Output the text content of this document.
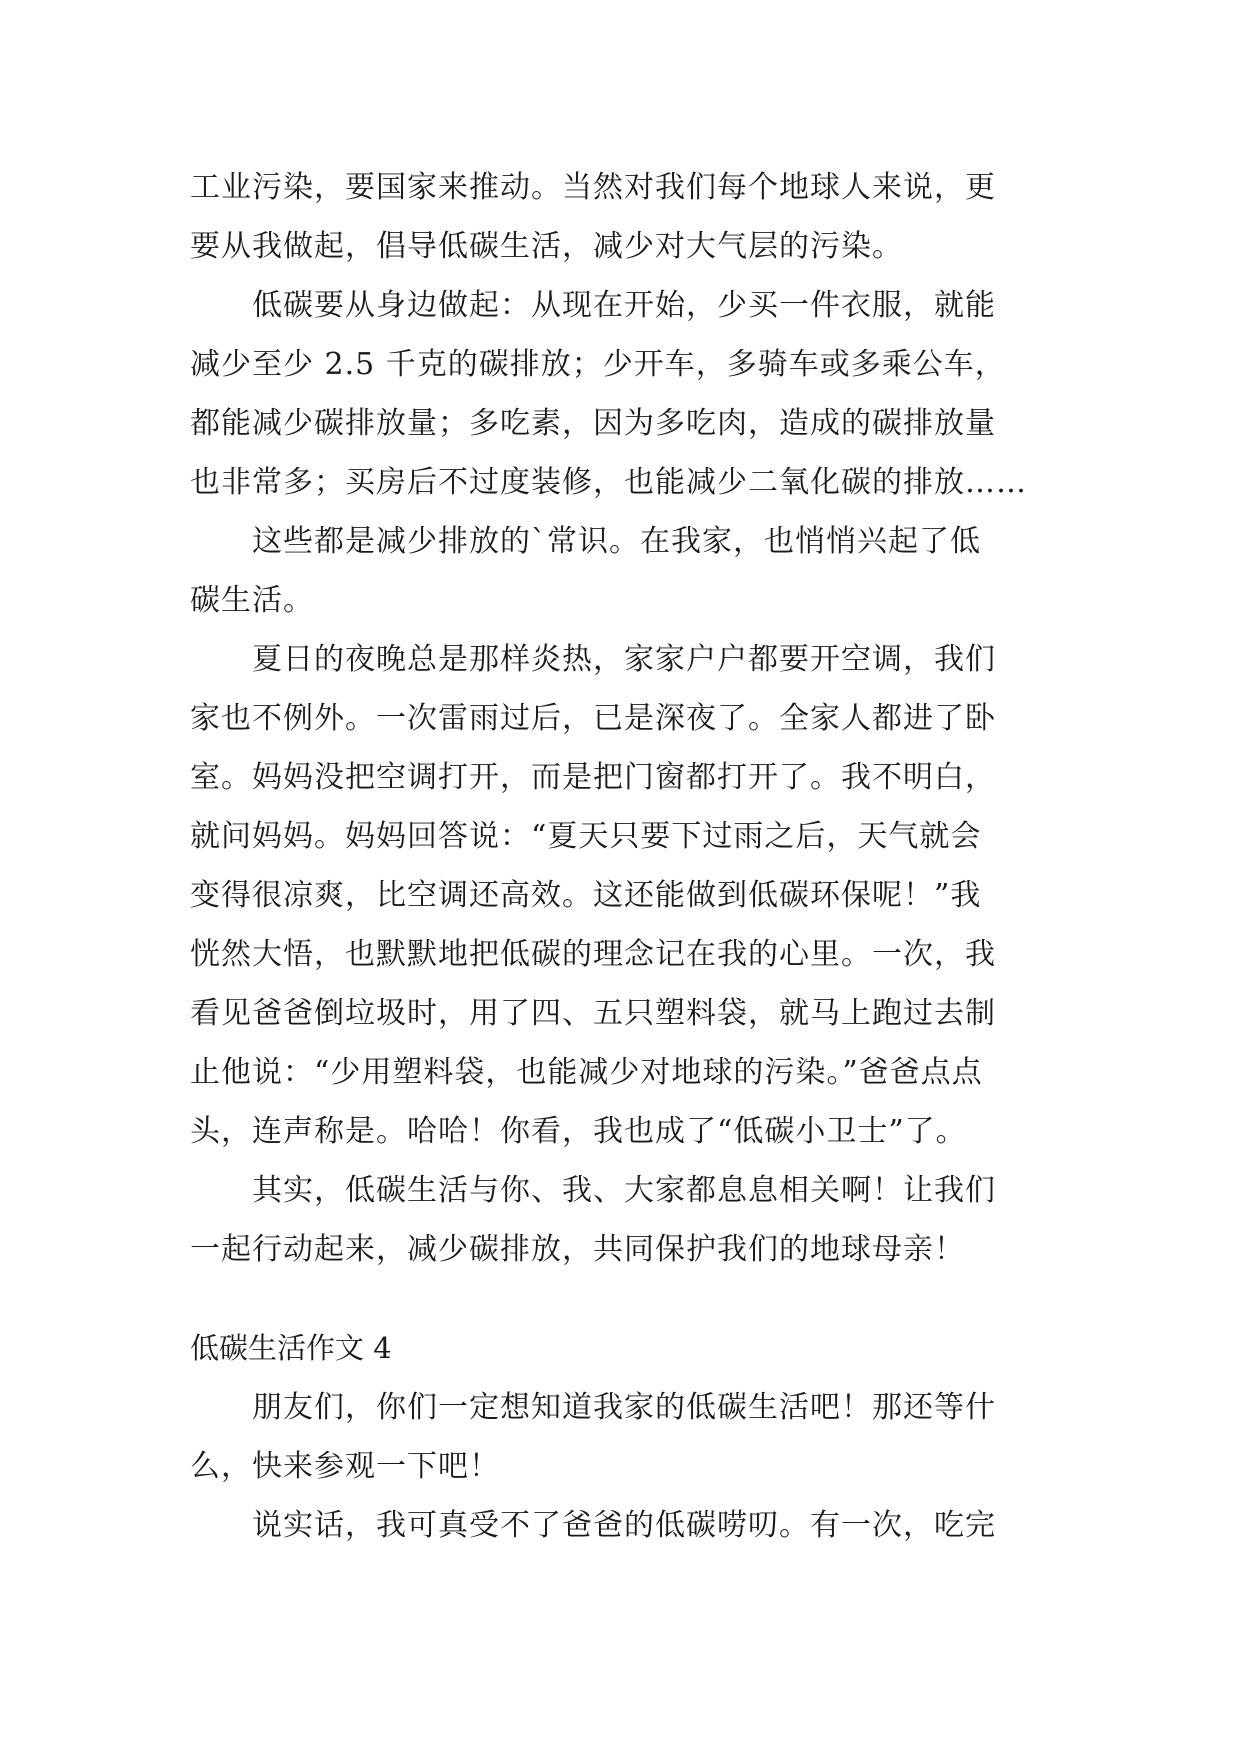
工业污染，要国家来推动。当然对我们每个地球人来说，更
要从我做起，倡导低碳生活，减少对大气层的污染。
低碳要从身边做起：从现在开始，少买一件衣服，就能
减少至少 2.5 千克的碳排放；少开车，多骑车或多乘公车，
都能减少碳排放量；多吃素，因为多吃肉，造成的碳排放量
也非常多；买房后不过度装修，也能减少二氧化碳的排放……
这些都是减少排放的`常识。在我家，也悄悄兴起了低
碳生活。
夏日的夜晚总是那样炎热，家家户户都要开空调，我们
家也不例外。一次雷雨过后，已是深夜了。全家人都进了卧
室。妈妈没把空调打开，而是把门窗都打开了。我不明白，
就问妈妈。妈妈回答说：“夏天只要下过雨之后，天气就会
变得很凉爽，比空调还高效。这还能做到低碳环保呢！”我
恍然大悟，也默默地把低碳的理念记在我的心里。一次，我
看见爸爸倒垃圾时，用了四、五只塑料袋，就马上跑过去制
止他说：“少用塑料袋，也能减少对地球的污染。”爸爸点点
头，连声称是。哈哈！你看，我也成了“低碳小卫士”了。
其实，低碳生活与你、我、大家都息息相关啊！让我们
一起行动起来，减少碳排放，共同保护我们的地球母亲！
低碳生活作文 4
朋友们，你们一定想知道我家的低碳生活吧！那还等什
么，快来参观一下吧！
说实话，我可真受不了爸爸的低碳唠叨。有一次，吃完
